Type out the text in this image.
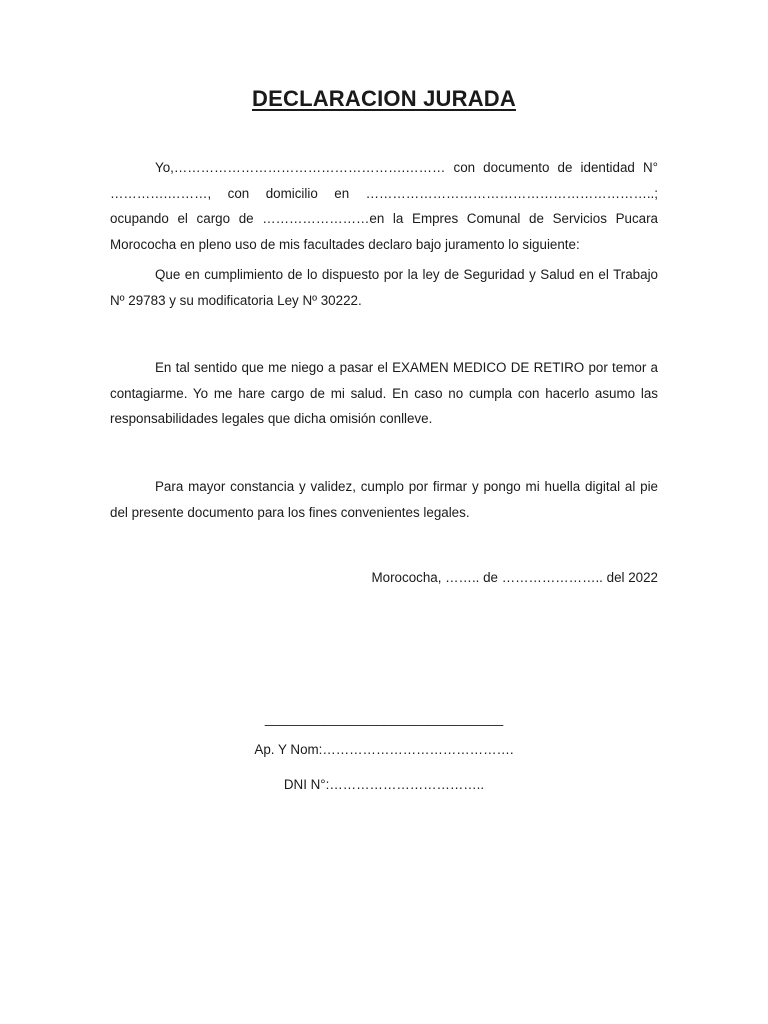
DECLARACION JURADA
Yo,…………………………………………….……… con documento de identidad N° ………….………, con domicilio en ………………………………………………………..; ocupando el cargo de ……………………en la Empres Comunal de Servicios Pucara Morococha en pleno uso de mis facultades declaro bajo juramento lo siguiente:
Que en cumplimiento de lo dispuesto por la ley de Seguridad y Salud en el Trabajo Nº 29783 y su modificatoria Ley Nº 30222.
En tal sentido que me niego a pasar el EXAMEN MEDICO DE RETIRO por temor a contagiarme. Yo me hare cargo de mi salud. En caso no cumpla con hacerlo asumo las responsabilidades legales que dicha omisión conlleve.
Para mayor constancia y validez, cumplo por firmar y pongo mi huella digital al pie del presente documento para los fines convenientes legales.
Morococha, …….. de ………………….. del 2022
________________________________
Ap. Y Nom:…………………………………….
DNI N°:……………………………..
